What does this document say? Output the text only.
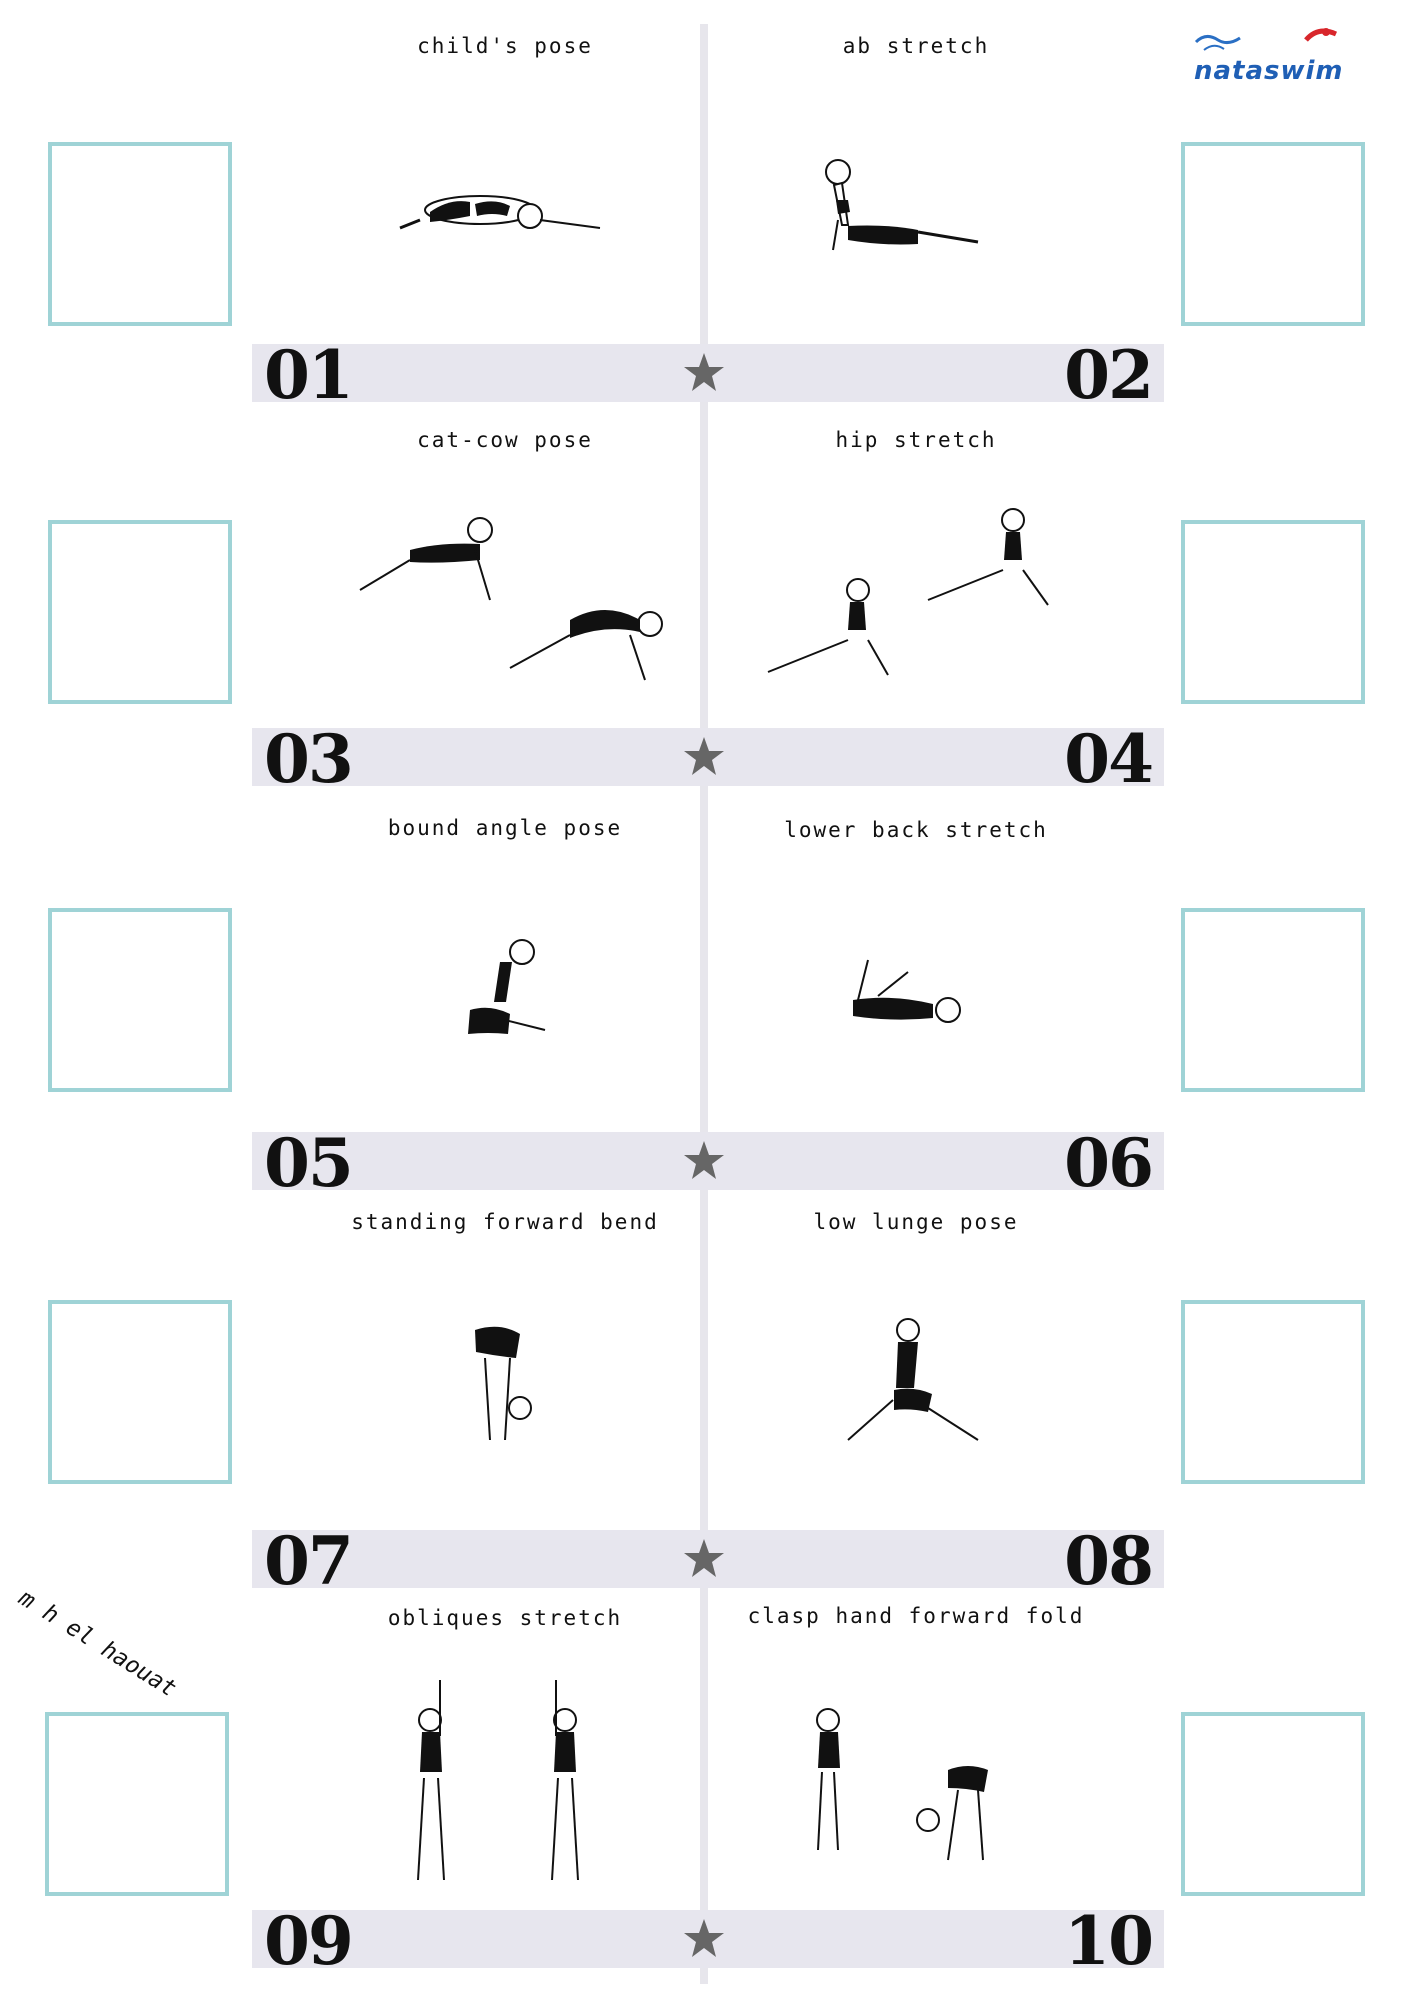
nataswim
child's pose	ab stretch
01	02
cat-cow pose	hip stretch
03	04
bound angle pose	lower back stretch
05	06
standing forward bend	low lunge pose
07	08
m h el haouat	obliques stretch	clasp hand forward fold
09	10
